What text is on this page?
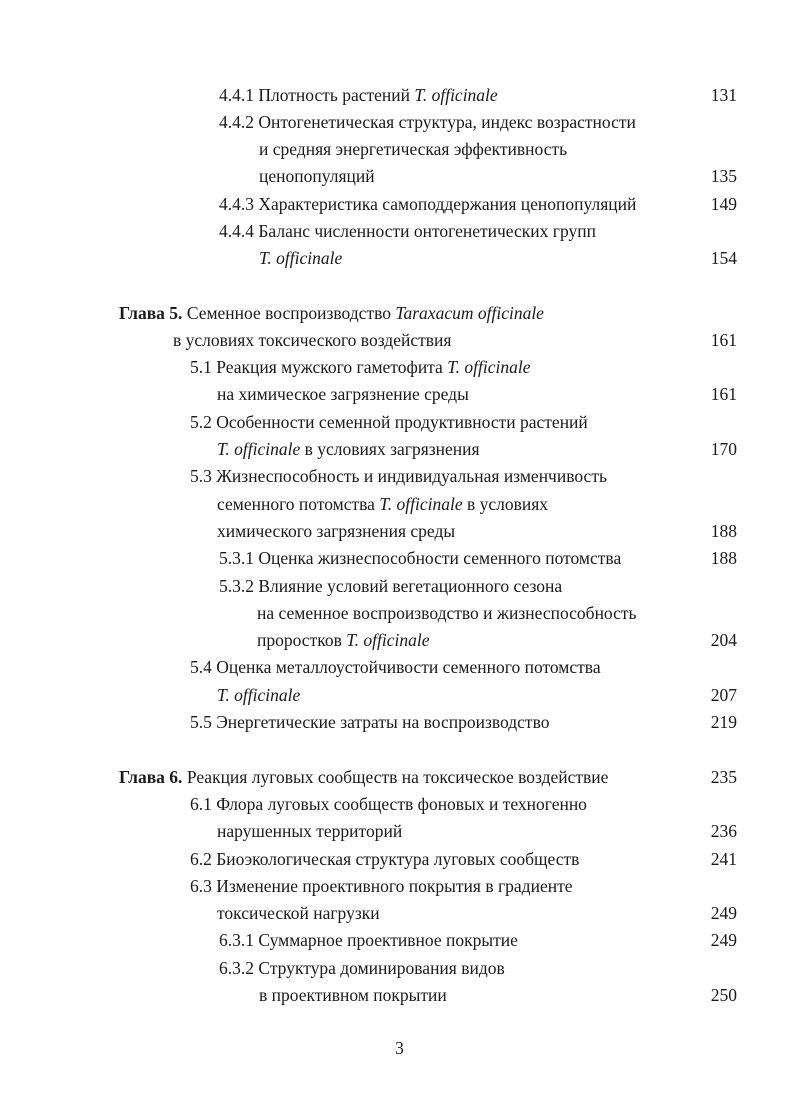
4.4.1 Плотность растений T. officinale	131
4.4.2 Онтогенетическая структура, индекс возрастности
и средняя энергетическая эффективность
ценопопуляций	135
4.4.3 Характеристика самоподдержания ценопопуляций	149
4.4.4 Баланс численности онтогенетических групп
T. officinale	154
Глава 5. Семенное воспроизводство Taraxacum officinale
в условиях токсического воздействия	161
5.1 Реакция мужского гаметофита T. officinale
на химическое загрязнение среды	161
5.2 Особенности семенной продуктивности растений
T. officinale в условиях загрязнения	170
5.3 Жизнеспособность и индивидуальная изменчивость
семенного потомства T. officinale в условиях
химического загрязнения среды	188
5.3.1 Оценка жизнеспособности семенного потомства	188
5.3.2 Влияние условий вегетационного сезона
на семенное воспроизводство и жизнеспособность
проростков T. officinale	204
5.4 Оценка металлоустойчивости семенного потомства
T. officinale	207
5.5 Энергетические затраты на воспроизводство	219
Глава 6. Реакция луговых сообществ на токсическое воздействие	235
6.1 Флора луговых сообществ фоновых и техногенно
нарушенных территорий	236
6.2 Биоэкологическая структура луговых сообществ	241
6.3 Изменение проективного покрытия в градиенте
токсической нагрузки	249
6.3.1 Суммарное проективное покрытие	249
6.3.2 Структура доминирования видов
в проективном покрытии	250
3
